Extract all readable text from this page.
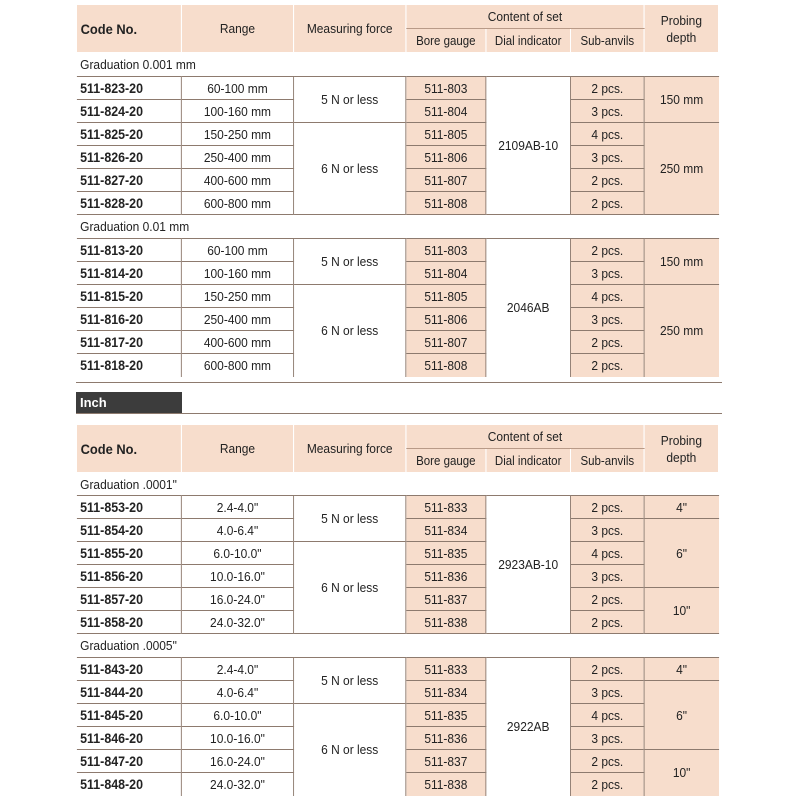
Code No.	Range	Measuring force	Content of set			Probing depth
			Bore gauge	Dial indicator	Sub-anvils	
Graduation 0.001 mm						
511-823-20	60-100 mm	5 N or less	511-803	2109AB-10	2 pcs.	150 mm
511-824-20	100-160 mm		511-804		3 pcs.	
511-825-20	150-250 mm	6 N or less	511-805		4 pcs.	250 mm
511-826-20	250-400 mm		511-806		3 pcs.	
511-827-20	400-600 mm		511-807		2 pcs.	
511-828-20	600-800 mm		511-808		2 pcs.	
Graduation 0.01 mm						
511-813-20	60-100 mm	5 N or less	511-803	2046AB	2 pcs.	150 mm
511-814-20	100-160 mm		511-804		3 pcs.	
511-815-20	150-250 mm	6 N or less	511-805		4 pcs.	250 mm
511-816-20	250-400 mm		511-806		3 pcs.	
511-817-20	400-600 mm		511-807		2 pcs.	
511-818-20	600-800 mm		511-808		2 pcs.	
Inch
Code No.	Range	Measuring force	Content of set			Probing depth
			Bore gauge	Dial indicator	Sub-anvils	
Graduation .0001"						
511-853-20	2.4-4.0"	5 N or less	511-833	2923AB-10	2 pcs.	4"
511-854-20	4.0-6.4"		511-834		3 pcs.	6"
511-855-20	6.0-10.0"	6 N or less	511-835		4 pcs.	
511-856-20	10.0-16.0"		511-836		3 pcs.	
511-857-20	16.0-24.0"		511-837		2 pcs.	10"
511-858-20	24.0-32.0"		511-838		2 pcs.	
Graduation .0005"						
511-843-20	2.4-4.0"	5 N or less	511-833	2922AB	2 pcs.	4"
511-844-20	4.0-6.4"		511-834		3 pcs.	6"
511-845-20	6.0-10.0"	6 N or less	511-835		4 pcs.	
511-846-20	10.0-16.0"		511-836		3 pcs.	
511-847-20	16.0-24.0"		511-837		2 pcs.	10"
511-848-20	24.0-32.0"		511-838		2 pcs.	
